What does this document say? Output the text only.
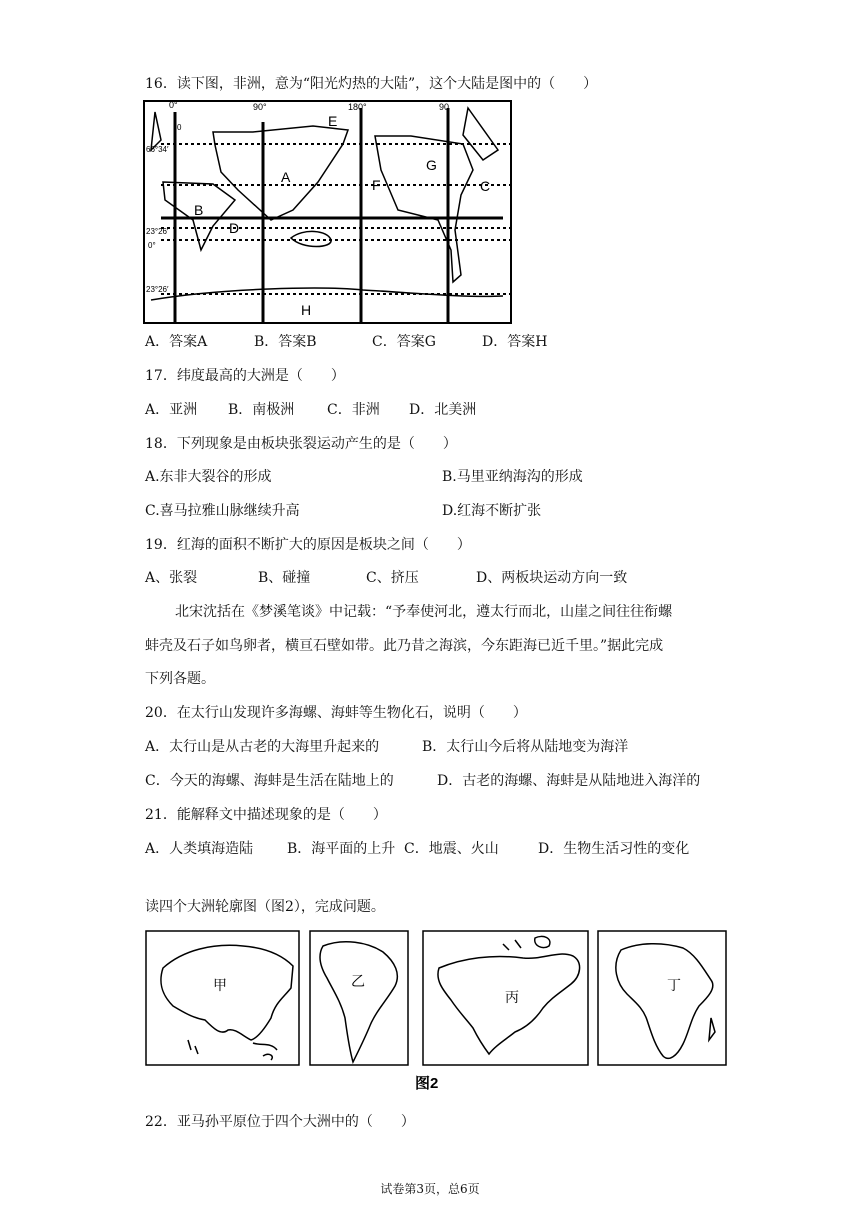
16．读下图，非洲，意为“阳光灼热的大陆”，这个大陆是图中的（　　）
0°	90°	180°	90
0
66°34′
23°26′
0°
23°26′
A
B
C
D
E
F
G
H
A．答案A	B．答案B	C．答案G	D．答案H
17．纬度最高的大洲是（　　）
A．亚洲 B．南极洲 C．非洲 D．北美洲
18．下列现象是由板块张裂运动产生的是（　　）
A.东非大裂谷的形成	B.马里亚纳海沟的形成
C.喜马拉雅山脉继续升高	D.红海不断扩张
19．红海的面积不断扩大的原因是板块之间（　　）
A、张裂	B、碰撞	C、挤压	D、两板块运动方向一致
北宋沈括在《梦溪笔谈》中记载：“予奉使河北，遵太行而北，山崖之间往往衔螺
蚌壳及石子如鸟卵者，横亘石壁如带。此乃昔之海滨，今东距海已近千里。”据此完成
下列各题。
20．在太行山发现许多海螺、海蚌等生物化石，说明（　　）
A．太行山是从古老的大海里升起来的	B．太行山今后将从陆地变为海洋
C．今天的海螺、海蚌是生活在陆地上的	D．古老的海螺、海蚌是从陆地进入海洋的
21．能解释文中描述现象的是（　　）
A．人类填海造陆 B．海平面的上升 C．地震、火山	D．生物生活习性的变化
读四个大洲轮廓图（图2），完成问题。
甲	乙
丙
丁
图2
22．亚马孙平原位于四个大洲中的（　　）
试卷第3页，总6页
